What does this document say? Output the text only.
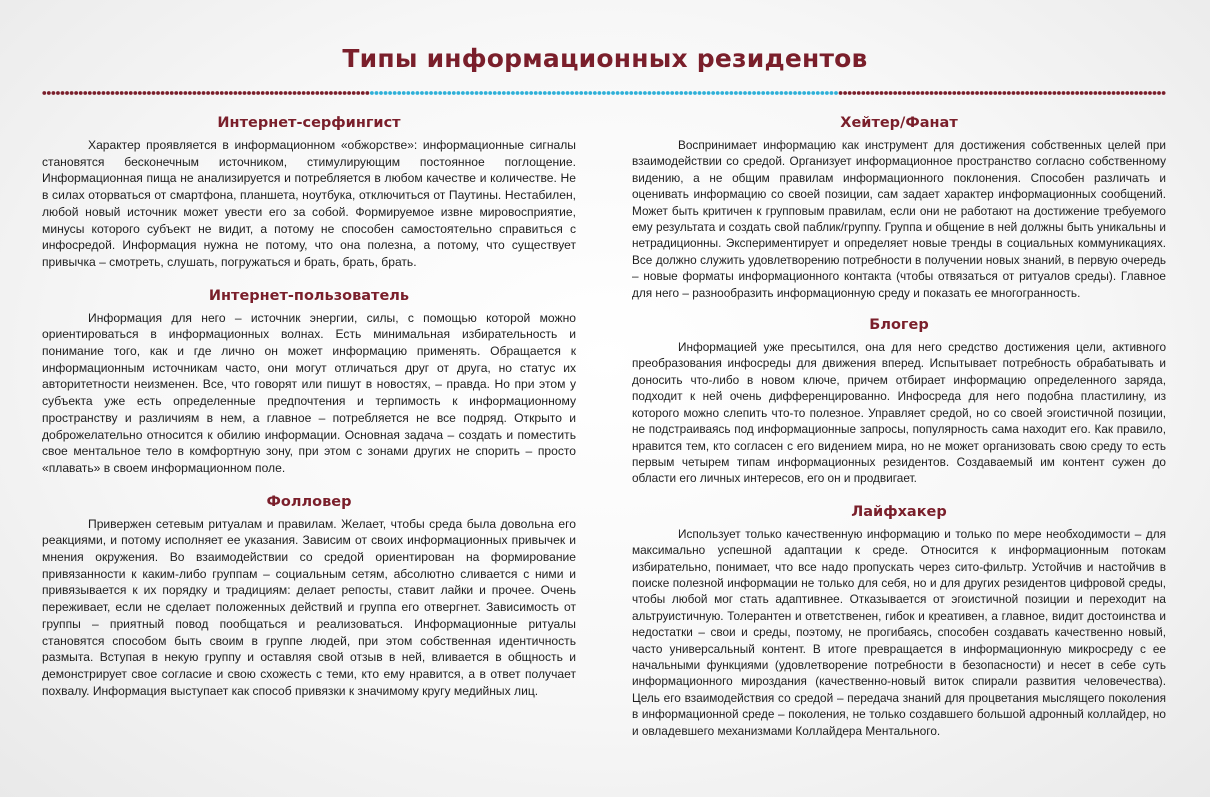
Типы информационных резидентов
Интернет-серфингист

Характер проявляется в информационном «обжорстве»: информационные сигналы становятся бесконечным источником, стимулирующим постоянное поглощение. Информационная пища не анализируется и потребляется в любом качестве и количестве. Не в силах оторваться от смартфона, планшета, ноутбука, отключиться от Паутины. Нестабилен, любой новый источник может увести его за собой. Формируемое извне мировосприятие, минусы которого субъект не видит, а потому не способен самостоятельно справиться с инфосредой. Информация нужна не потому, что она полезна, а потому, что существует привычка – смотреть, слушать, погружаться и брать, брать, брать.

Интернет-пользователь

Информация для него – источник энергии, силы, с помощью которой можно ориентироваться в информационных волнах. Есть минимальная избирательность и понимание того, как и где лично он может информацию применять. Обращается к информационным источникам часто, они могут отличаться друг от друга, но статус их авторитетности неизменен. Все, что говорят или пишут в новостях, – правда. Но при этом у субъекта уже есть определенные предпочтения и терпимость к информационному пространству и различиям в нем, а главное – потребляется не все подряд. Открыто и доброжелательно относится к обилию информации. Основная задача – создать и поместить свое ментальное тело в комфортную зону, при этом с зонами других не спорить – просто «плавать» в своем информационном поле.

Фолловер

Привержен сетевым ритуалам и правилам. Желает, чтобы среда была довольна его реакциями, и потому исполняет ее указания. Зависим от своих информационных привычек и мнения окружения. Во взаимодействии со средой ориентирован на формирование привязанности к каким-либо группам – социальным сетям, абсолютно сливается с ними и привязывается к их порядку и традициям: делает репосты, ставит лайки и прочее. Очень переживает, если не сделает положенных действий и группа его отвергнет. Зависимость от группы – приятный повод пообщаться и реализоваться. Информационные ритуалы становятся способом быть своим в группе людей, при этом собственная идентичность размыта. Вступая в некую группу и оставляя свой отзыв в ней, вливается в общность и демонстрирует свое согласие и свою схожесть с теми, кто ему нравится, а в ответ получает похвалу. Информация выступает как способ привязки к значимому кругу медийных лиц.

Хейтер/Фанат

Воспринимает информацию как инструмент для достижения собственных целей при взаимодействии со средой. Организует информационное пространство согласно собственному видению, а не общим правилам информационного поклонения. Способен различать и оценивать информацию со своей позиции, сам задает характер информационных сообщений. Может быть критичен к групповым правилам, если они не работают на достижение требуемого ему результата и создать свой паблик/группу. Группа и общение в ней должны быть уникальны и нетрадиционны. Экспериментирует и определяет новые тренды в социальных коммуникациях. Все должно служить удовлетворению потребности в получении новых знаний, в первую очередь – новые форматы информационного контакта (чтобы отвязаться от ритуалов среды). Главное для него – разнообразить информационную среду и показать ее многогранность.

Блогер

Информацией уже пресытился, она для него средство достижения цели, активного преобразования инфосреды для движения вперед. Испытывает потребность обрабатывать и доносить что-либо в новом ключе, причем отбирает информацию определенного заряда, подходит к ней очень дифференцированно. Инфосреда для него подобна пластилину, из которого можно слепить что-то полезное. Управляет средой, но со своей эгоистичной позиции, не подстраиваясь под информационные запросы, популярность сама находит его. Как правило, нравится тем, кто согласен с его видением мира, но не может организовать свою среду то есть первым четырем типам информационных резидентов. Создаваемый им контент сужен до области его личных интересов, его он и продвигает.

Лайфхакер

Использует только качественную информацию и только по мере необходимости – для максимально успешной адаптации к среде. Относится к информационным потокам избирательно, понимает, что все надо пропускать через сито-фильтр. Устойчив и настойчив в поиске полезной информации не только для себя, но и для других резидентов цифровой среды, чтобы любой мог стать адаптивнее. Отказывается от эгоистичной позиции и переходит на альтруистичную. Толерантен и ответственен, гибок и креативен, а главное, видит достоинства и недостатки – свои и среды, поэтому, не прогибаясь, способен создавать качественно новый, часто универсальный контент. В итоге превращается в информационную микросреду с ее начальными функциями (удовлетворение потребности в безопасности) и несет в себе суть информационного мироздания (качественно-новый виток спирали развития человечества). Цель его взаимодействия со средой – передача знаний для процветания мыслящего поколения в информационной среде – поколения, не только создавшего большой адронный коллайдер, но и овладевшего механизмами Коллайдера Ментального.
